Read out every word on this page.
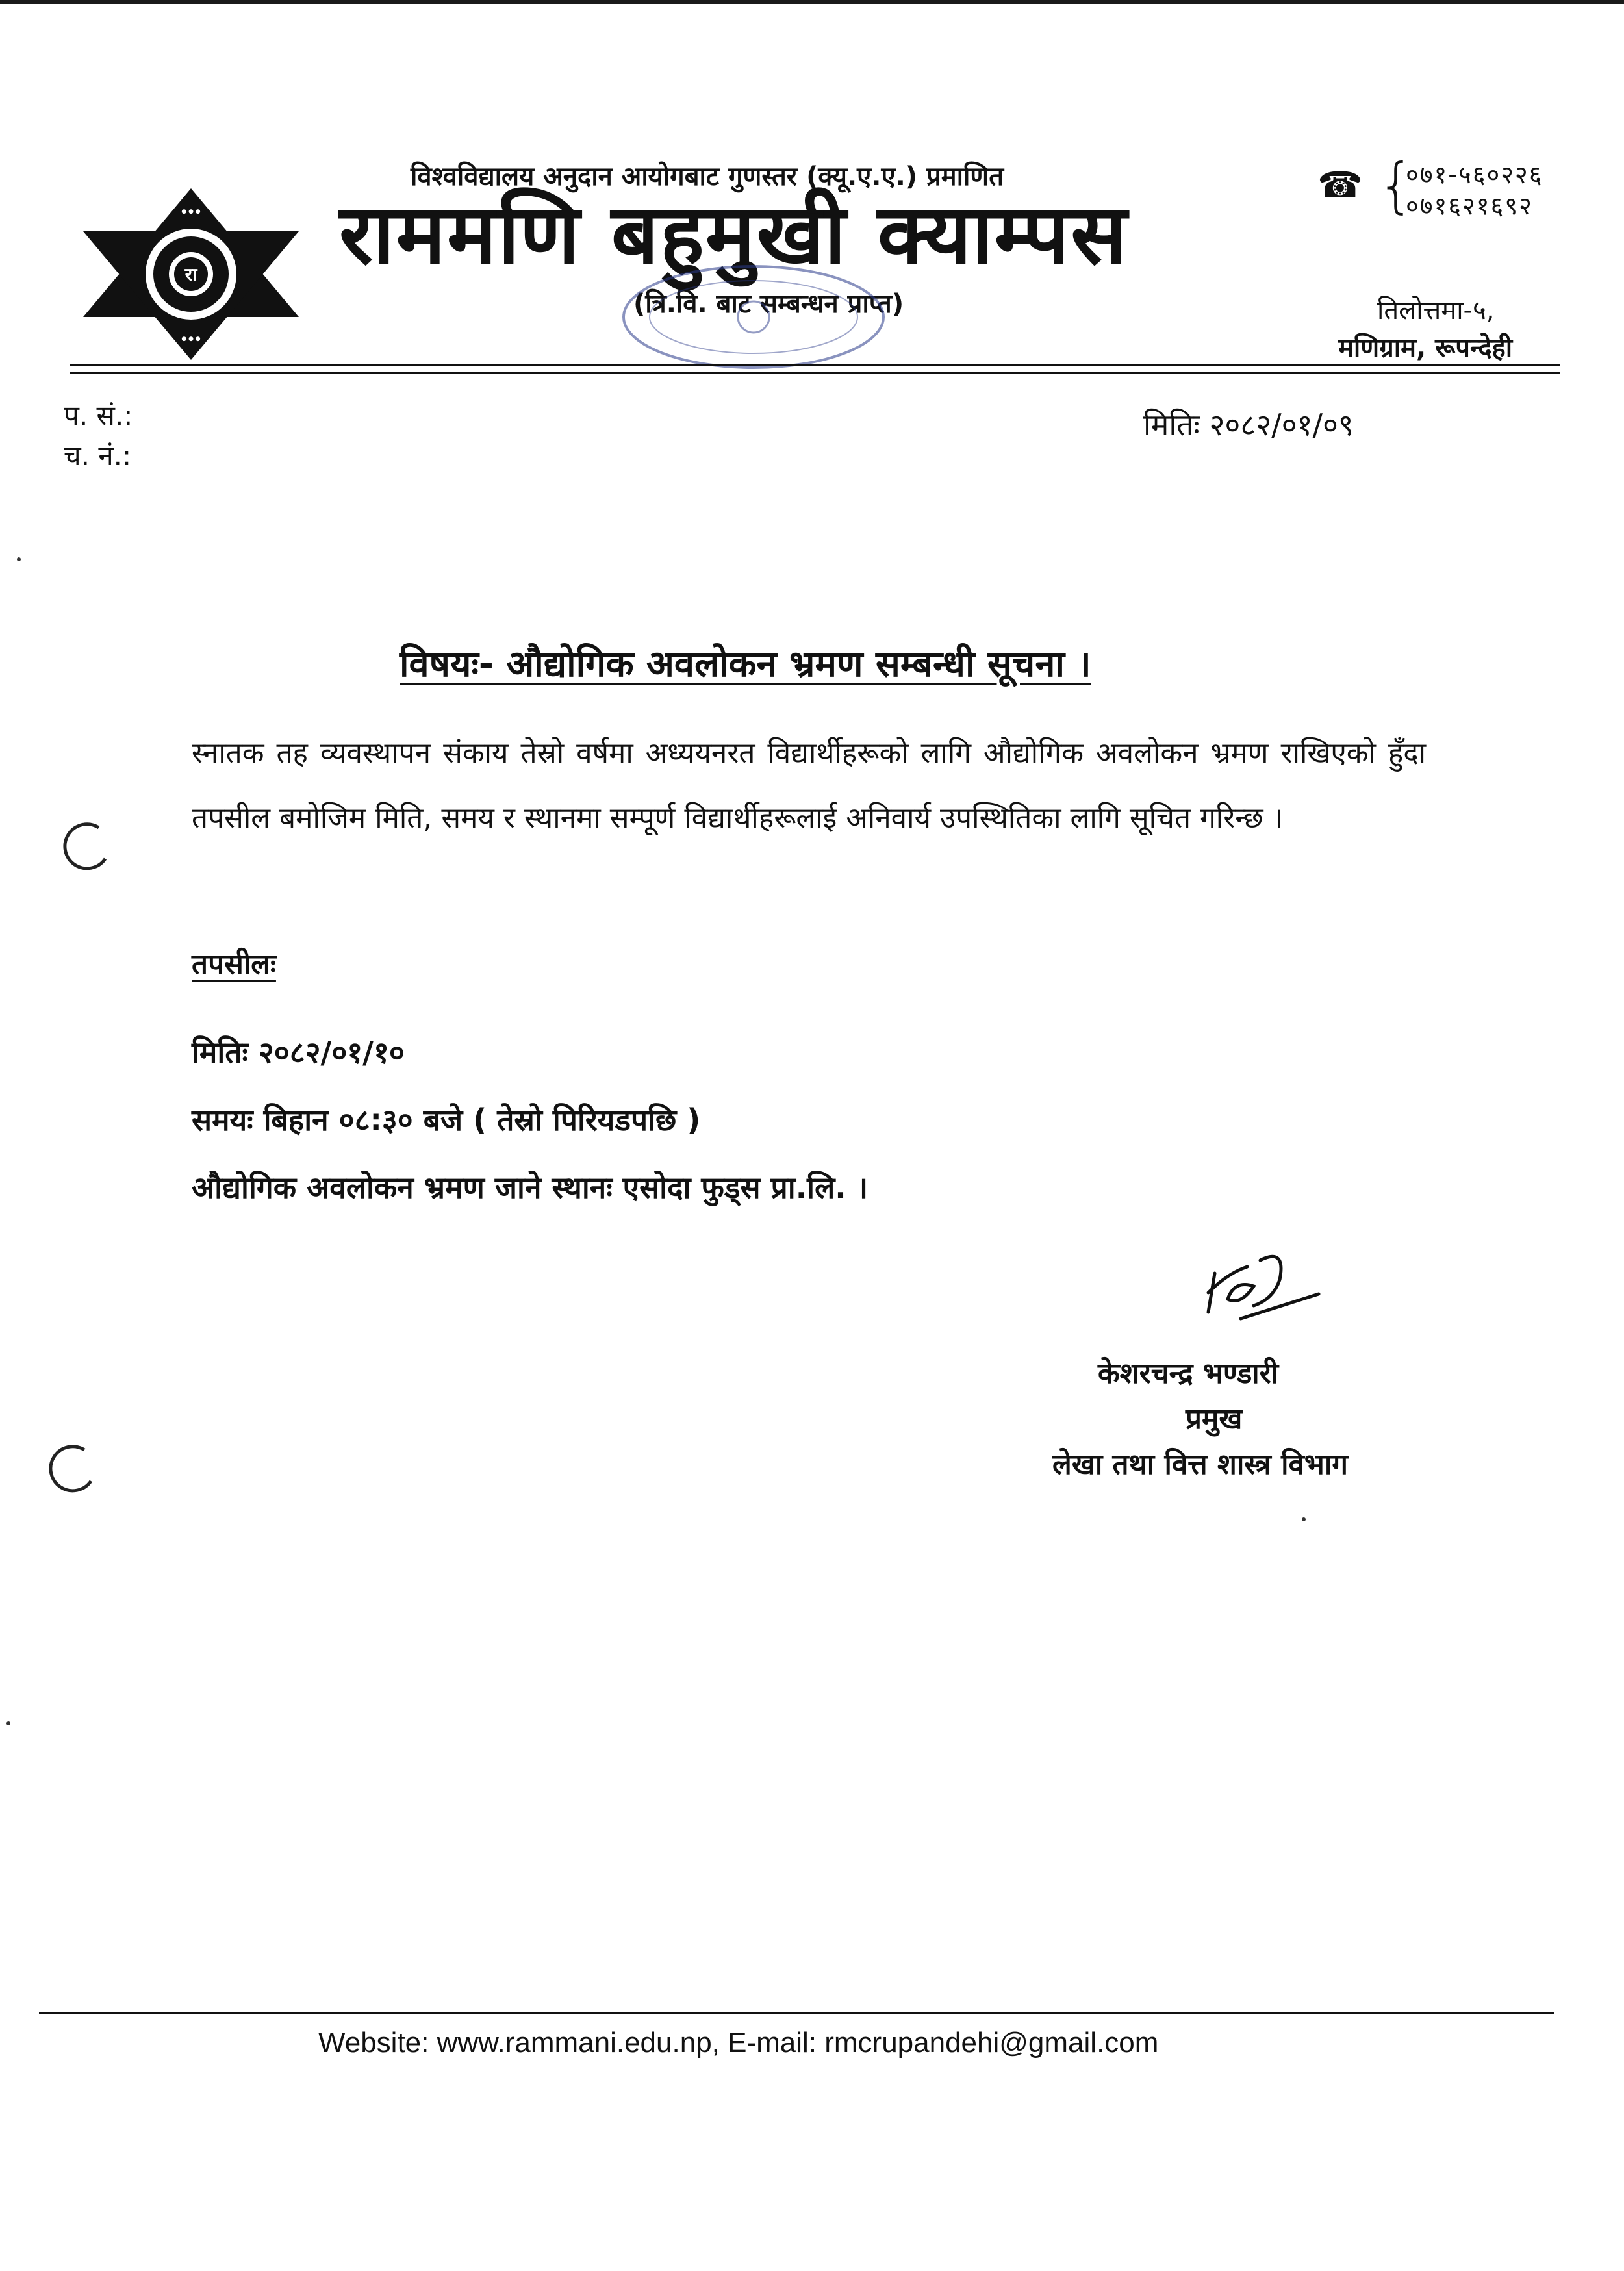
रा
● ● ●
● ● ●
विश्वविद्यालय अनुदान आयोगबाट गुणस्तर (क्यू.ए.ए.) प्रमाणित
राममणि बहुमुखी क्याम्पस
(त्रि.वि. बाट सम्बन्धन प्राप्त)
☎ {
०७१-५६०२२६
०७१६२१६९२
तिलोत्तमा-५,
मणिग्राम, रूपन्देही
प. सं.:
च. नं.:
मितिः २०८२/०१/०९
विषयः- औद्योगिक अवलोकन भ्रमण सम्बन्धी सूचना ।
स्नातक तह व्यवस्थापन संकाय तेस्रो वर्षमा अध्ययनरत विद्यार्थीहरूको लागि औद्योगिक अवलोकन भ्रमण राखिएको हुँदा तपसील बमोजिम मिति, समय र स्थानमा सम्पूर्ण विद्यार्थीहरूलाई अनिवार्य उपस्थितिका लागि सूचित गरिन्छ ।
तपसीलः
मितिः २०८२/०१/१०
समयः बिहान ०८:३० बजे ( तेस्रो पिरियडपछि )
औद्योगिक अवलोकन भ्रमण जाने स्थानः एसोदा फुड्स प्रा.लि. ।
केशरचन्द्र भण्डारी
प्रमुख
लेखा तथा वित्त शास्त्र विभाग
Website: www.rammani.edu.np, E-mail: rmcrupandehi@gmail.com
